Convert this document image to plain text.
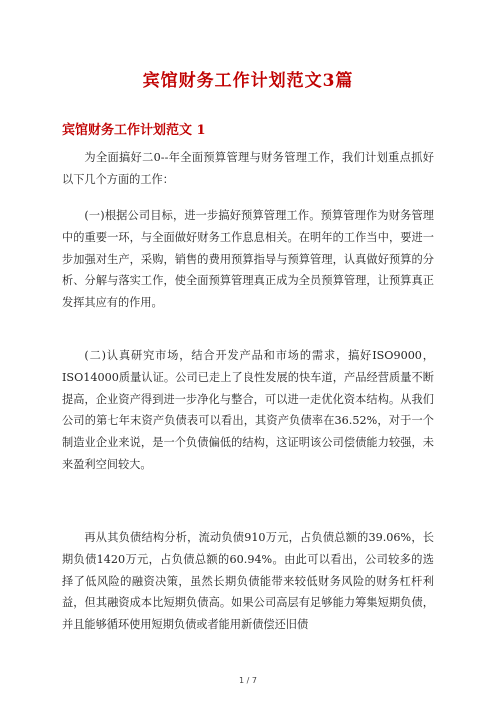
宾馆财务工作计划范文3篇
宾馆财务工作计划范文 1

为全面搞好二0--年全面预算管理与财务管理工作，我们计划重点抓好以下几个方面的工作：

(一)根据公司目标，进一步搞好预算管理工作。预算管理作为财务管理中的重要一环，与全面做好财务工作息息相关。在明年的工作当中，要进一步加强对生产，采购，销售的费用预算指导与预算管理，认真做好预算的分析、分解与落实工作，使全面预算管理真正成为全员预算管理，让预算真正发挥其应有的作用。

(二)认真研究市场，结合开发产品和市场的需求，搞好ISO9000，ISO14000质量认证。公司已走上了良性发展的快车道，产品经营质量不断提高，企业资产得到进一步净化与整合，可以进一走优化资本结构。从我们公司的第七年末资产负债表可以看出，其资产负债率在36.52%，对于一个制造业企业来说，是一个负债偏低的结构，这证明该公司偿债能力较强，未来盈利空间较大。

再从其负债结构分析，流动负债910万元，占负债总额的39.06%，长期负债1420万元，占负债总额的60.94%。由此可以看出，公司较多的选择了低风险的融资决策，虽然长期负债能带来较低财务风险的财务杠杆利益，但其融资成本比短期负债高。如果公司高层有足够能力筹集短期负债，并且能够循环使用短期负债或者能用新债偿还旧债

1 / 7
